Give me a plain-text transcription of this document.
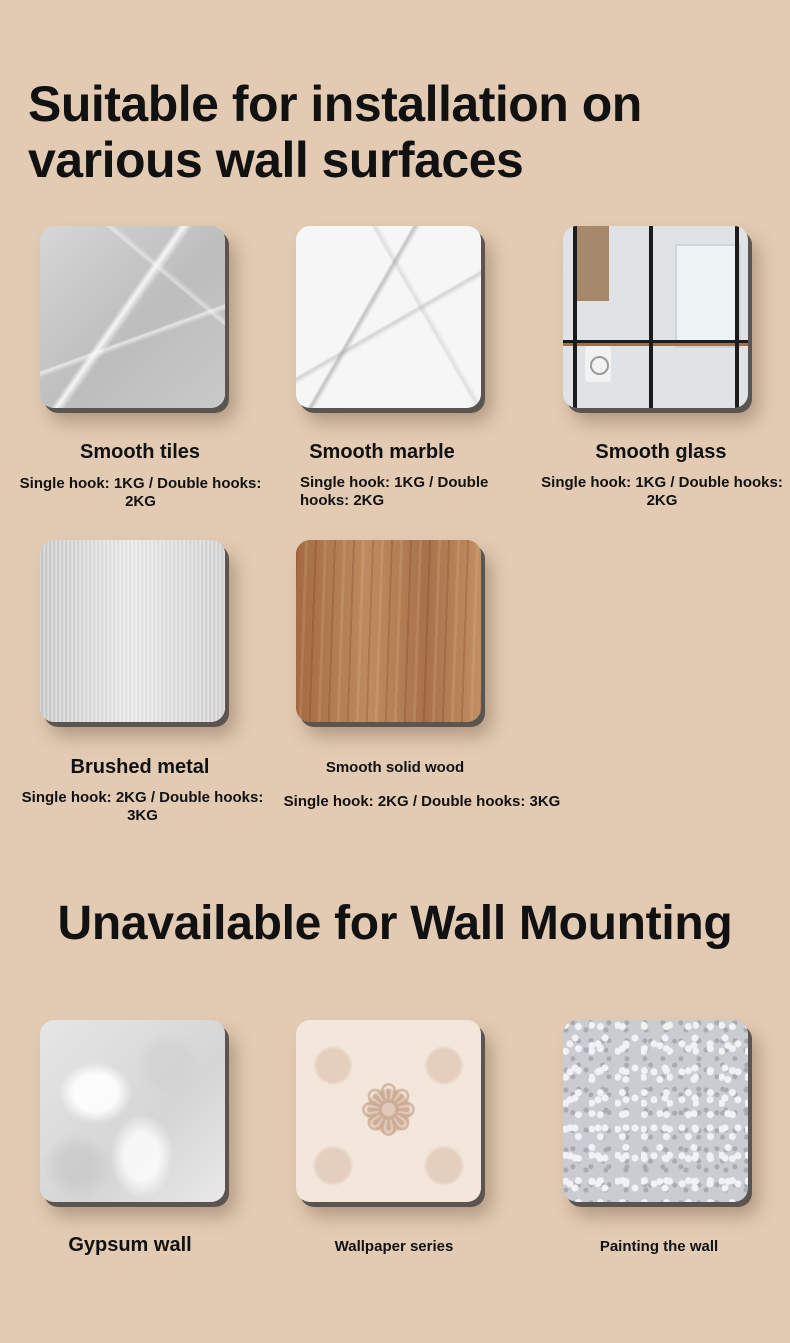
Suitable for installation on
various wall surfaces

Smooth tiles

Single hook: 1KG / Double hooks: 2KG

Smooth marble

Single hook: 1KG / Double hooks: 2KG

Smooth glass

Single hook: 1KG / Double hooks: 2KG

Brushed metal

Single hook: 2KG / Double hooks: 3KG

Smooth solid wood

Single hook: 2KG / Double hooks: 3KG

Unavailable for Wall Mounting

Gypsum wall

❁

Wallpaper series	Painting the wall
